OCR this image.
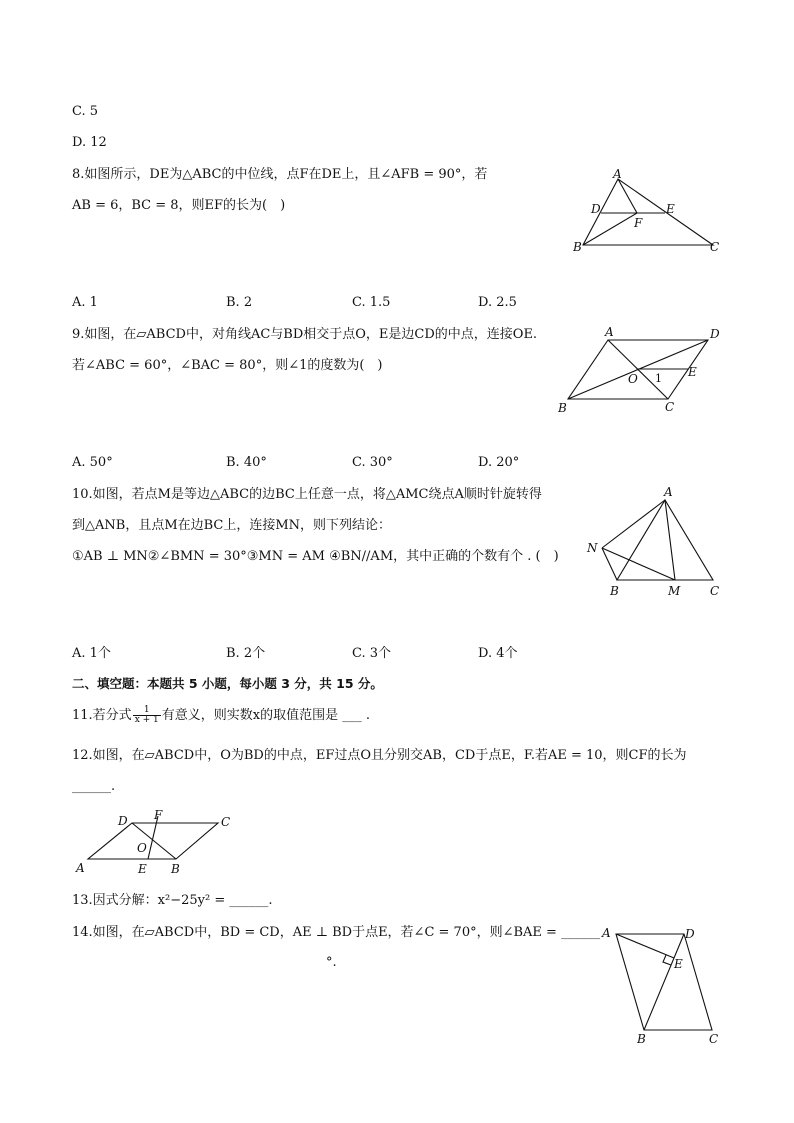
C. 5
D. 12
8.如图所示，DE为△ABC的中位线，点F在DE上，且∠AFB = 90°，若
AB = 6，BC = 8，则EF的长为(　)
A
B	C
D	E
F
A. 1	B. 2	C. 1.5	D. 2.5
9.如图，在▱ABCD中，对角线AC与BD相交于点O，E是边CD的中点，连接OE.
若∠ABC = 60°，∠BAC = 80°，则∠1的度数为(　)
A	D
B	C
O	E
1
A. 50°	B. 40°	C. 30°	D. 20°
10.如图，若点M是等边△ABC的边BC上任意一点，将△AMC绕点A顺时针旋转得
到△ANB，且点M在边BC上，连接MN，则下列结论：
①AB ⊥ MN②∠BMN = 30°③MN = AM ④BN//AM，其中正确的个数有个 . (　)
A
N
B	M C
A. 1个	B. 2个	C. 3个	D. 4个
二、填空题：本题共 5 小题，每小题 3 分，共 15 分。
11.若分式 $\frac{1}{x + 1}$ 有意义，则实数x的取值范围是 ___ .
12.如图，在▱ABCD中，O为BD的中点，EF过点O且分别交AB，CD于点E，F.若AE = 10，则CF的长为
______.
D F	C
O
A	E B
13.因式分解：x²−25y² = ______.
14.如图，在▱ABCD中，BD = CD，AE ⊥ BD于点E，若∠C = 70°，则∠BAE = ______
°.
A	D
E
B	C
